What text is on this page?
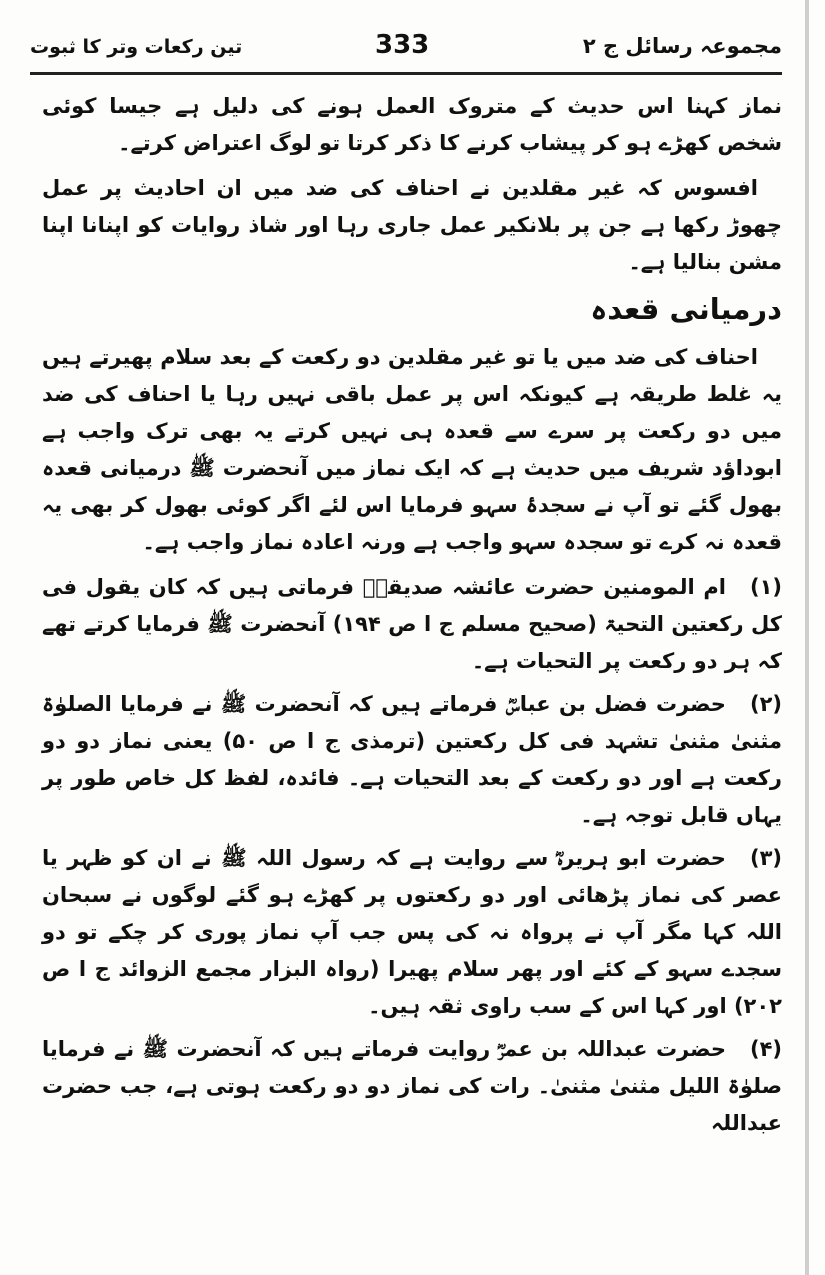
مجموعہ رسائل ج ۲
333
تین رکعات وتر کا ثبوت

نماز کہنا اس حدیث کے متروک العمل ہونے کی دلیل ہے جیسا کوئی شخص کھڑے ہو کر پیشاب کرنے کا ذکر کرتا تو لوگ اعتراض کرتے۔

افسوس کہ غیر مقلدین نے احناف کی ضد میں ان احادیث پر عمل چھوڑ رکھا ہے جن پر بلانکیر عمل جاری رہا اور شاذ روایات کو اپنانا اپنا مشن بنالیا ہے۔

درمیانی قعدہ

احناف کی ضد میں یا تو غیر مقلدین دو رکعت کے بعد سلام پھیرتے ہیں یہ غلط طریقہ ہے کیونکہ اس پر عمل باقی نہیں رہا یا احناف کی ضد میں دو رکعت پر سرے سے قعدہ ہی نہیں کرتے یہ بھی ترک واجب ہے ابوداؤد شریف میں حدیث ہے کہ ایک نماز میں آنحضرت ﷺ درمیانی قعدہ بھول گئے تو آپ نے سجدۂ سہو فرمایا اس لئے اگر کوئی بھول کر بھی یہ قعدہ نہ کرے تو سجدہ سہو واجب ہے ورنہ اعادہ نماز واجب ہے۔

(۱)ام المومنین حضرت عائشہ صدیقہؓ فرماتی ہیں کہ کان یقول فی کل رکعتین التحیۃ (صحیح مسلم ج ا ص ۱۹۴) آنحضرت ﷺ فرمایا کرتے تھے کہ ہر دو رکعت پر التحیات ہے۔
(۲)حضرت فضل بن عباسؓ فرماتے ہیں کہ آنحضرت ﷺ نے فرمایا الصلوٰۃ مثنیٰ مثنیٰ تشہد فی کل رکعتین (ترمذی ج ا ص ۵۰) یعنی نماز دو دو رکعت ہے اور دو رکعت کے بعد التحیات ہے۔ فائدہ، لفظ کل خاص طور پر یہاں قابل توجہ ہے۔
(۳)حضرت ابو ہریرہؓ سے روایت ہے کہ رسول اللہ ﷺ نے ان کو ظہر یا عصر کی نماز پڑھائی اور دو رکعتوں پر کھڑے ہو گئے لوگوں نے سبحان اللہ کہا مگر آپ نے پرواہ نہ کی پس جب آپ نماز پوری کر چکے تو دو سجدے سہو کے کئے اور پھر سلام پھیرا (رواہ البزار مجمع الزوائد ج ا ص ۲۰۲) اور کہا اس کے سب راوی ثقہ ہیں۔
(۴)حضرت عبداللہ بن عمرؓ روایت فرماتے ہیں کہ آنحضرت ﷺ نے فرمایا صلوٰۃ اللیل مثنیٰ مثنیٰ۔ رات کی نماز دو دو رکعت ہوتی ہے، جب حضرت عبداللہ
